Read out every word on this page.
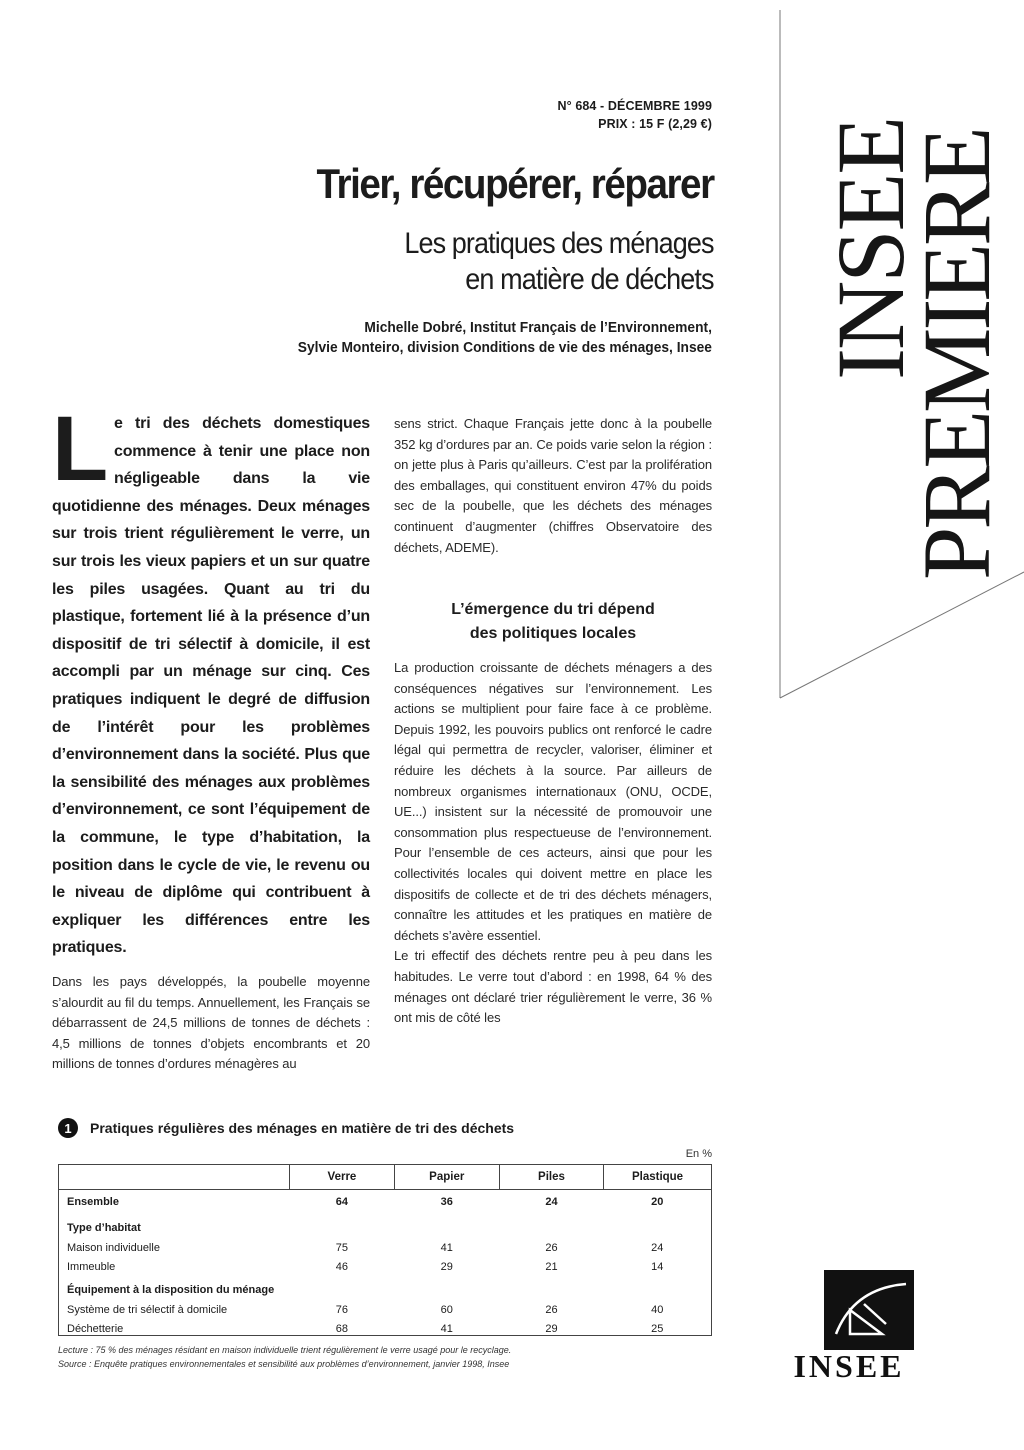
N° 684 - DÉCEMBRE 1999
PRIX : 15 F (2,29 €)
Trier, récupérer, réparer
Les pratiques des ménages
en matière de déchets
Michelle Dobré, Institut Français de l’Environnement,
Sylvie Monteiro, division Conditions de vie des ménages, Insee INSEE
PREMIERE
Le tri des déchets domestiques commence à tenir une place non négligeable dans la vie quotidienne des ménages. Deux ménages sur trois trient régulièrement le verre, un sur trois les vieux papiers et un sur quatre les piles usagées. Quant au tri du plastique, fortement lié à la présence d’un dispositif de tri sélectif à domicile, il est accompli par un ménage sur cinq. Ces pratiques indiquent le degré de diffusion de l’intérêt pour les problèmes d’environnement dans la société. Plus que la sensibilité des ménages aux problèmes d’environnement, ce sont l’équipement de la commune, le type d’habitation, la position dans le cycle de vie, le revenu ou le niveau de diplôme qui contribuent à expliquer les différences entre les pratiques.
Dans les pays développés, la poubelle moyenne s’alourdit au fil du temps. Annuellement, les Français se débarrassent de 24,5 millions de tonnes de déchets : 4,5 millions de tonnes d’objets encombrants et 20 millions de tonnes d’ordures ménagères au
sens strict. Chaque Français jette donc à la poubelle 352 kg d’ordures par an. Ce poids varie selon la région : on jette plus à Paris qu’ailleurs. C’est par la prolifération des emballages, qui constituent environ 47% du poids sec de la poubelle, que les déchets des ménages continuent d’augmenter (chiffres Observatoire des déchets, ADEME).
L’émergence du tri dépend
des politiques locales

La production croissante de déchets ménagers a des conséquences négatives sur l’environnement. Les actions se multiplient pour faire face à ce problème. Depuis 1992, les pouvoirs publics ont renforcé le cadre légal qui permettra de recycler, valoriser, éliminer et réduire les déchets à la source. Par ailleurs de nombreux organismes internationaux (ONU, OCDE, UE...) insistent sur la nécessité de promouvoir une consommation plus respectueuse de l’environnement. Pour l’ensemble de ces acteurs, ainsi que pour les collectivités locales qui doivent mettre en place les dispositifs de collecte et de tri des déchets ménagers, connaître les attitudes et les pratiques en matière de déchets s’avère essentiel.

Le tri effectif des déchets rentre peu à peu dans les habitudes. Le verre tout d’abord : en 1998, 64 % des ménages ont déclaré trier régulièrement le verre, 36 % ont mis de côté les

1	Pratiques régulières des ménages en matière de tri des déchets
En %
	Verre	Papier	Piles	Plastique
Ensemble	64	36	24	20
Type d’habitat				
Maison individuelle	75	41	26	24
Immeuble	46	29	21	14
Équipement à la disposition du ménage				
Système de tri sélectif à domicile	76	60	26	40
Déchetterie	68	41	29	25
Lecture : 75 % des ménages résidant en maison individuelle trient régulièrement le verre usagé pour le recyclage.
Source : Enquête pratiques environnementales et sensibilité aux problèmes d’environnement, janvier 1998, Insee	INSEE
